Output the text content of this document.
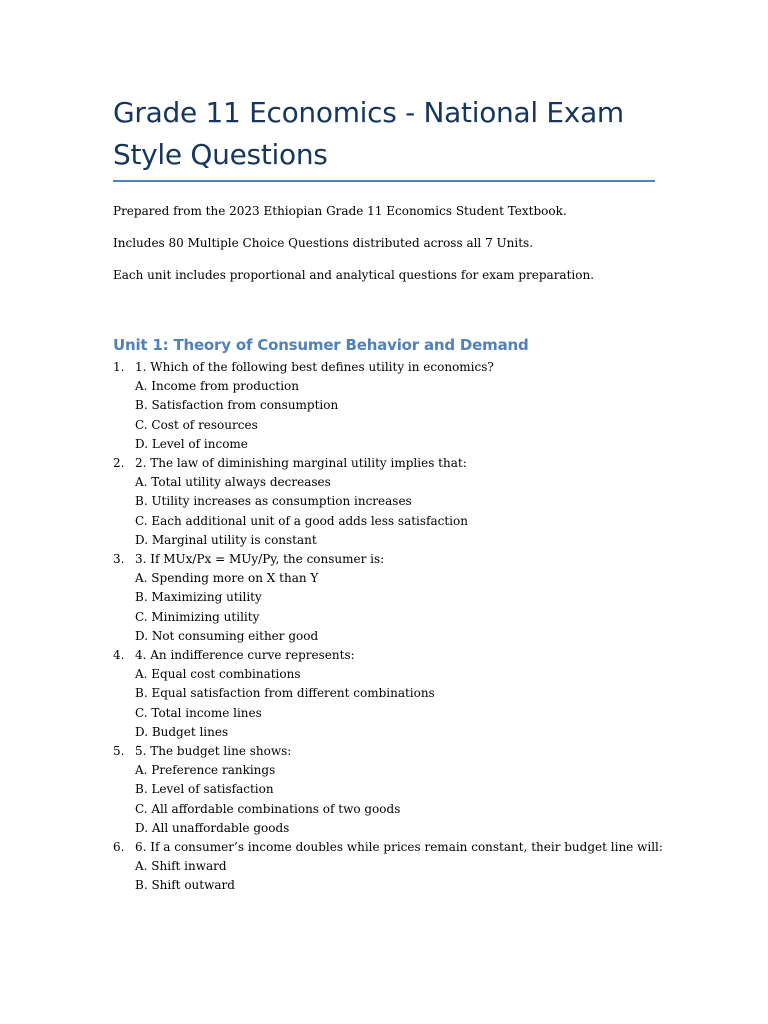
Grade 11 Economics - National Exam Style Questions

Prepared from the 2023 Ethiopian Grade 11 Economics Student Textbook.

Includes 80 Multiple Choice Questions distributed across all 7 Units.

Each unit includes proportional and analytical questions for exam preparation.

Unit 1: Theory of Consumer Behavior and Demand
1. 1. Which of the following best defines utility in economics?
A. Income from production
B. Satisfaction from consumption
C. Cost of resources
D. Level of income
2. 2. The law of diminishing marginal utility implies that:
A. Total utility always decreases
B. Utility increases as consumption increases
C. Each additional unit of a good adds less satisfaction
D. Marginal utility is constant
3. 3. If MUx/Px = MUy/Py, the consumer is:
A. Spending more on X than Y
B. Maximizing utility
C. Minimizing utility
D. Not consuming either good
4. 4. An indifference curve represents:
A. Equal cost combinations
B. Equal satisfaction from different combinations
C. Total income lines
D. Budget lines
5. 5. The budget line shows:
A. Preference rankings
B. Level of satisfaction
C. All affordable combinations of two goods
D. All unaffordable goods
6. 6. If a consumer’s income doubles while prices remain constant, their budget line will:
A. Shift inward
B. Shift outward
